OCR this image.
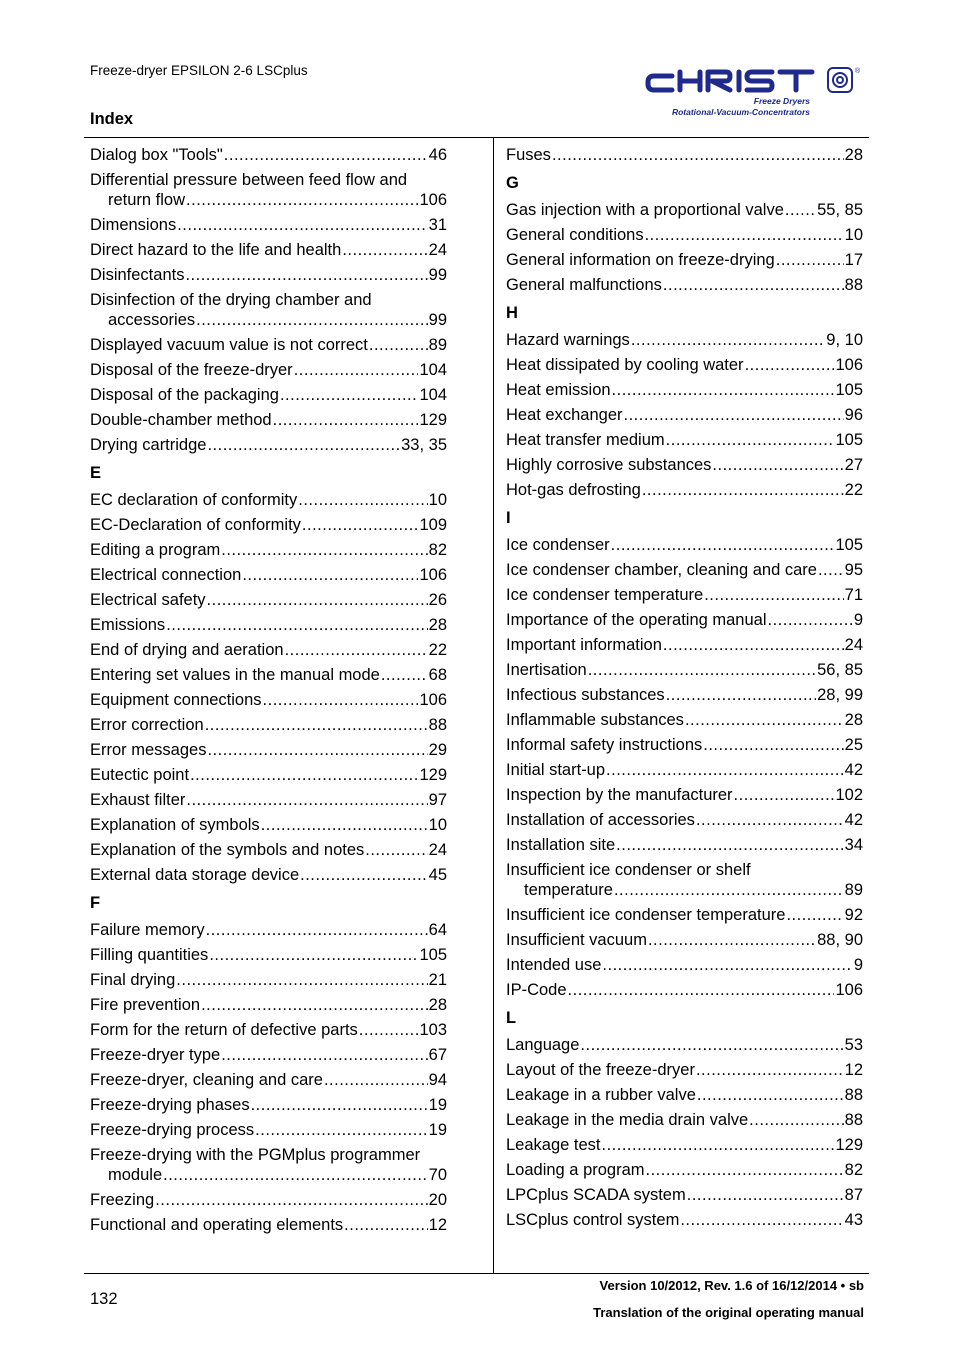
Freeze-dryer EPSILON 2-6 LSCplus
Index
CHRIST
®
Freeze Dryers
Rotational-Vacuum-Concentrators
Dialog box "Tools" .....	46
Differential pressure between feed flow and
return flow .....	106
Dimensions .....	31
Direct hazard to the life and health .....	24
Disinfectants .....	99
Disinfection of the drying chamber and
accessories .....	99
Displayed vacuum value is not correct .....	89
Disposal of the freeze-dryer .....	104
Disposal of the packaging .....	104
Double-chamber method .....	129
Drying cartridge .....	33, 35
E
EC declaration of conformity .....	10
EC-Declaration of conformity .....	109
Editing a program .....	82
Electrical connection .....	106
Electrical safety .....	26
Emissions .....	28
End of drying and aeration .....	22
Entering set values in the manual mode .....	68
Equipment connections .....	106
Error correction .....	88
Error messages .....	29
Eutectic point .....	129
Exhaust filter .....	97
Explanation of symbols .....	10
Explanation of the symbols and notes .....	24
External data storage device .....	45
F
Failure memory .....	64
Filling quantities .....	105
Final drying .....	21
Fire prevention .....	28
Form for the return of defective parts .....	103
Freeze-dryer type .....	67
Freeze-dryer, cleaning and care .....	94
Freeze-drying phases .....	19
Freeze-drying process .....	19
Freeze-drying with the PGMplus programmer
module .....	70
Freezing .....	20
Functional and operating elements .....	12
Fuses .....	28
G
Gas injection with a proportional valve ..... 55, 85
General conditions .....	10
General information on freeze-drying .....	17
General malfunctions .....	88
H
Hazard warnings .....	9, 10
Heat dissipated by cooling water .....	106
Heat emission .....	105
Heat exchanger .....	96
Heat transfer medium .....	105
Highly corrosive substances .....	27
Hot-gas defrosting .....	22
I
Ice condenser .....	105
Ice condenser chamber, cleaning and care ..... 95
Ice condenser temperature .....	71
Importance of the operating manual .....	9
Important information .....	24
Inertisation .....	56, 85
Infectious substances .....	28, 99
Inflammable substances .....	28
Informal safety instructions .....	25
Initial start-up .....	42
Inspection by the manufacturer .....	102
Installation of accessories .....	42
Installation site .....	34
Insufficient ice condenser or shelf
temperature .....	89
Insufficient ice condenser temperature .....	92
Insufficient vacuum .....	88, 90
Intended use .....	9
IP-Code .....	106
L
Language .....	53
Layout of the freeze-dryer .....	12
Leakage in a rubber valve .....	88
Leakage in the media drain valve .....	88
Leakage test .....	129
Loading a program .....	82
LPCplus SCADA system .....	87
LSCplus control system .....	43
132
Version 10/2012, Rev. 1.6 of 16/12/2014 • sb
Translation of the original operating manual
